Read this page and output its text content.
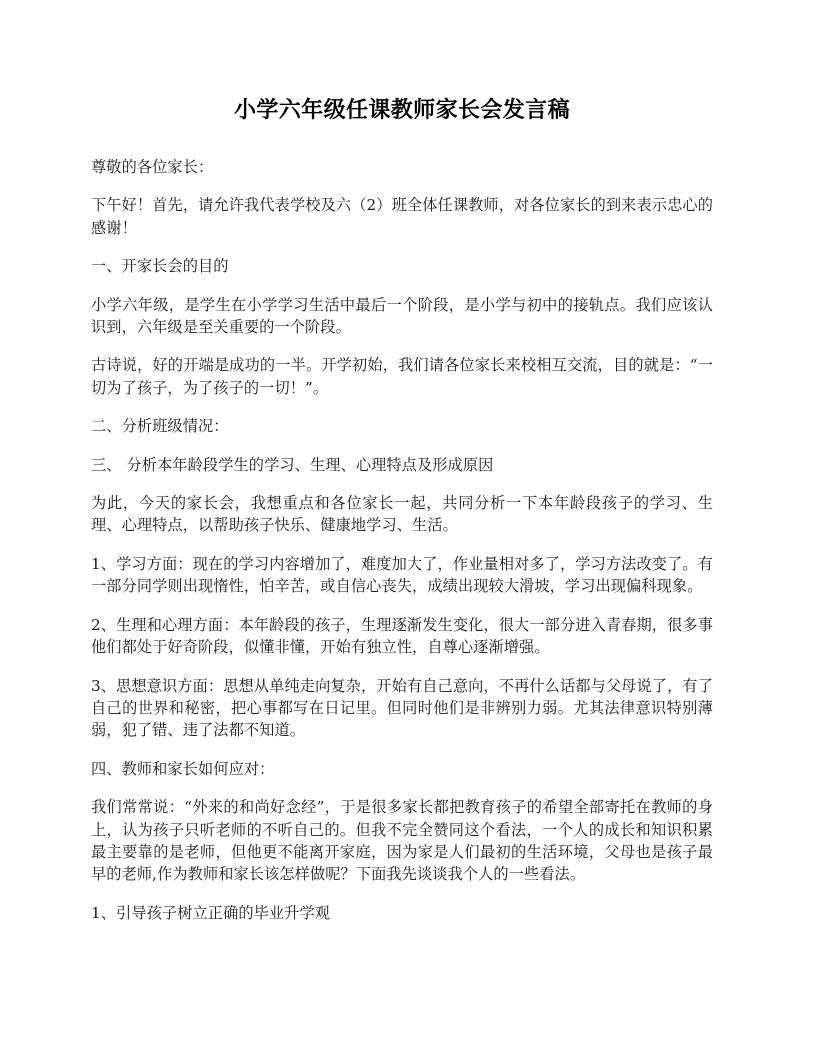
小学六年级任课教师家长会发言稿

尊敬的各位家长：

下午好！首先，请允许我代表学校及六（2）班全体任课教师，对各位家长的到来表示忠心的感谢！

一、开家长会的目的

小学六年级，是学生在小学学习生活中最后一个阶段，是小学与初中的接轨点。我们应该认识到，六年级是至关重要的一个阶段。

古诗说，好的开端是成功的一半。开学初始，我们请各位家长来校相互交流，目的就是：“一切为了孩子，为了孩子的一切！”。

二、分析班级情况：

三、 分析本年龄段学生的学习、生理、心理特点及形成原因

为此，今天的家长会，我想重点和各位家长一起，共同分析一下本年龄段孩子的学习、生理、心理特点，以帮助孩子快乐、健康地学习、生活。

1、学习方面：现在的学习内容增加了，难度加大了，作业量相对多了，学习方法改变了。有一部分同学则出现惰性，怕辛苦，或自信心丧失，成绩出现较大滑坡，学习出现偏科现象。

2、生理和心理方面：本年龄段的孩子，生理逐渐发生变化，很大一部分进入青春期，很多事他们都处于好奇阶段，似懂非懂，开始有独立性，自尊心逐渐增强。

3、思想意识方面：思想从单纯走向复杂，开始有自己意向，不再什么话都与父母说了，有了自己的世界和秘密，把心事都写在日记里。但同时他们是非辨别力弱。尤其法律意识特别薄弱，犯了错、违了法都不知道。

四、教师和家长如何应对：

我们常常说：“外来的和尚好念经”，于是很多家长都把教育孩子的希望全部寄托在教师的身上，认为孩子只听老师的不听自己的。但我不完全赞同这个看法，一个人的成长和知识积累最主要靠的是老师，但他更不能离开家庭，因为家是人们最初的生活环境，父母也是孩子最早的老师,作为教师和家长该怎样做呢？下面我先谈谈我个人的一些看法。

1、引导孩子树立正确的毕业升学观
